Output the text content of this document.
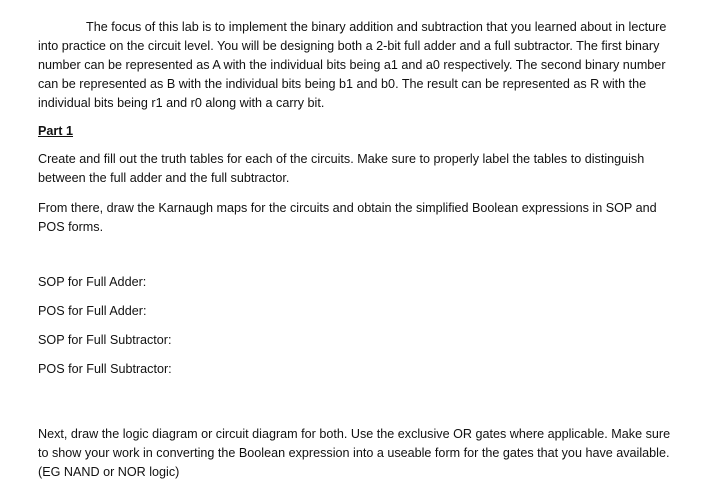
The focus of this lab is to implement the binary addition and subtraction that you learned about in lecture into practice on the circuit level. You will be designing both a 2-bit full adder and a full subtractor. The first binary number can be represented as A with the individual bits being a1 and a0 respectively. The second binary number can be represented as B with the individual bits being b1 and b0. The result can be represented as R with the individual bits being r1 and r0 along with a carry bit.

Part 1

Create and fill out the truth tables for each of the circuits. Make sure to properly label the tables to distinguish between the full adder and the full subtractor.

From there, draw the Karnaugh maps for the circuits and obtain the simplified Boolean expressions in SOP and POS forms.

SOP for Full Adder:

POS for Full Adder:

SOP for Full Subtractor:

POS for Full Subtractor:

Next, draw the logic diagram or circuit diagram for both. Use the exclusive OR gates where applicable. Make sure to show your work in converting the Boolean expression into a useable form for the gates that you have available. (EG NAND or NOR logic)
